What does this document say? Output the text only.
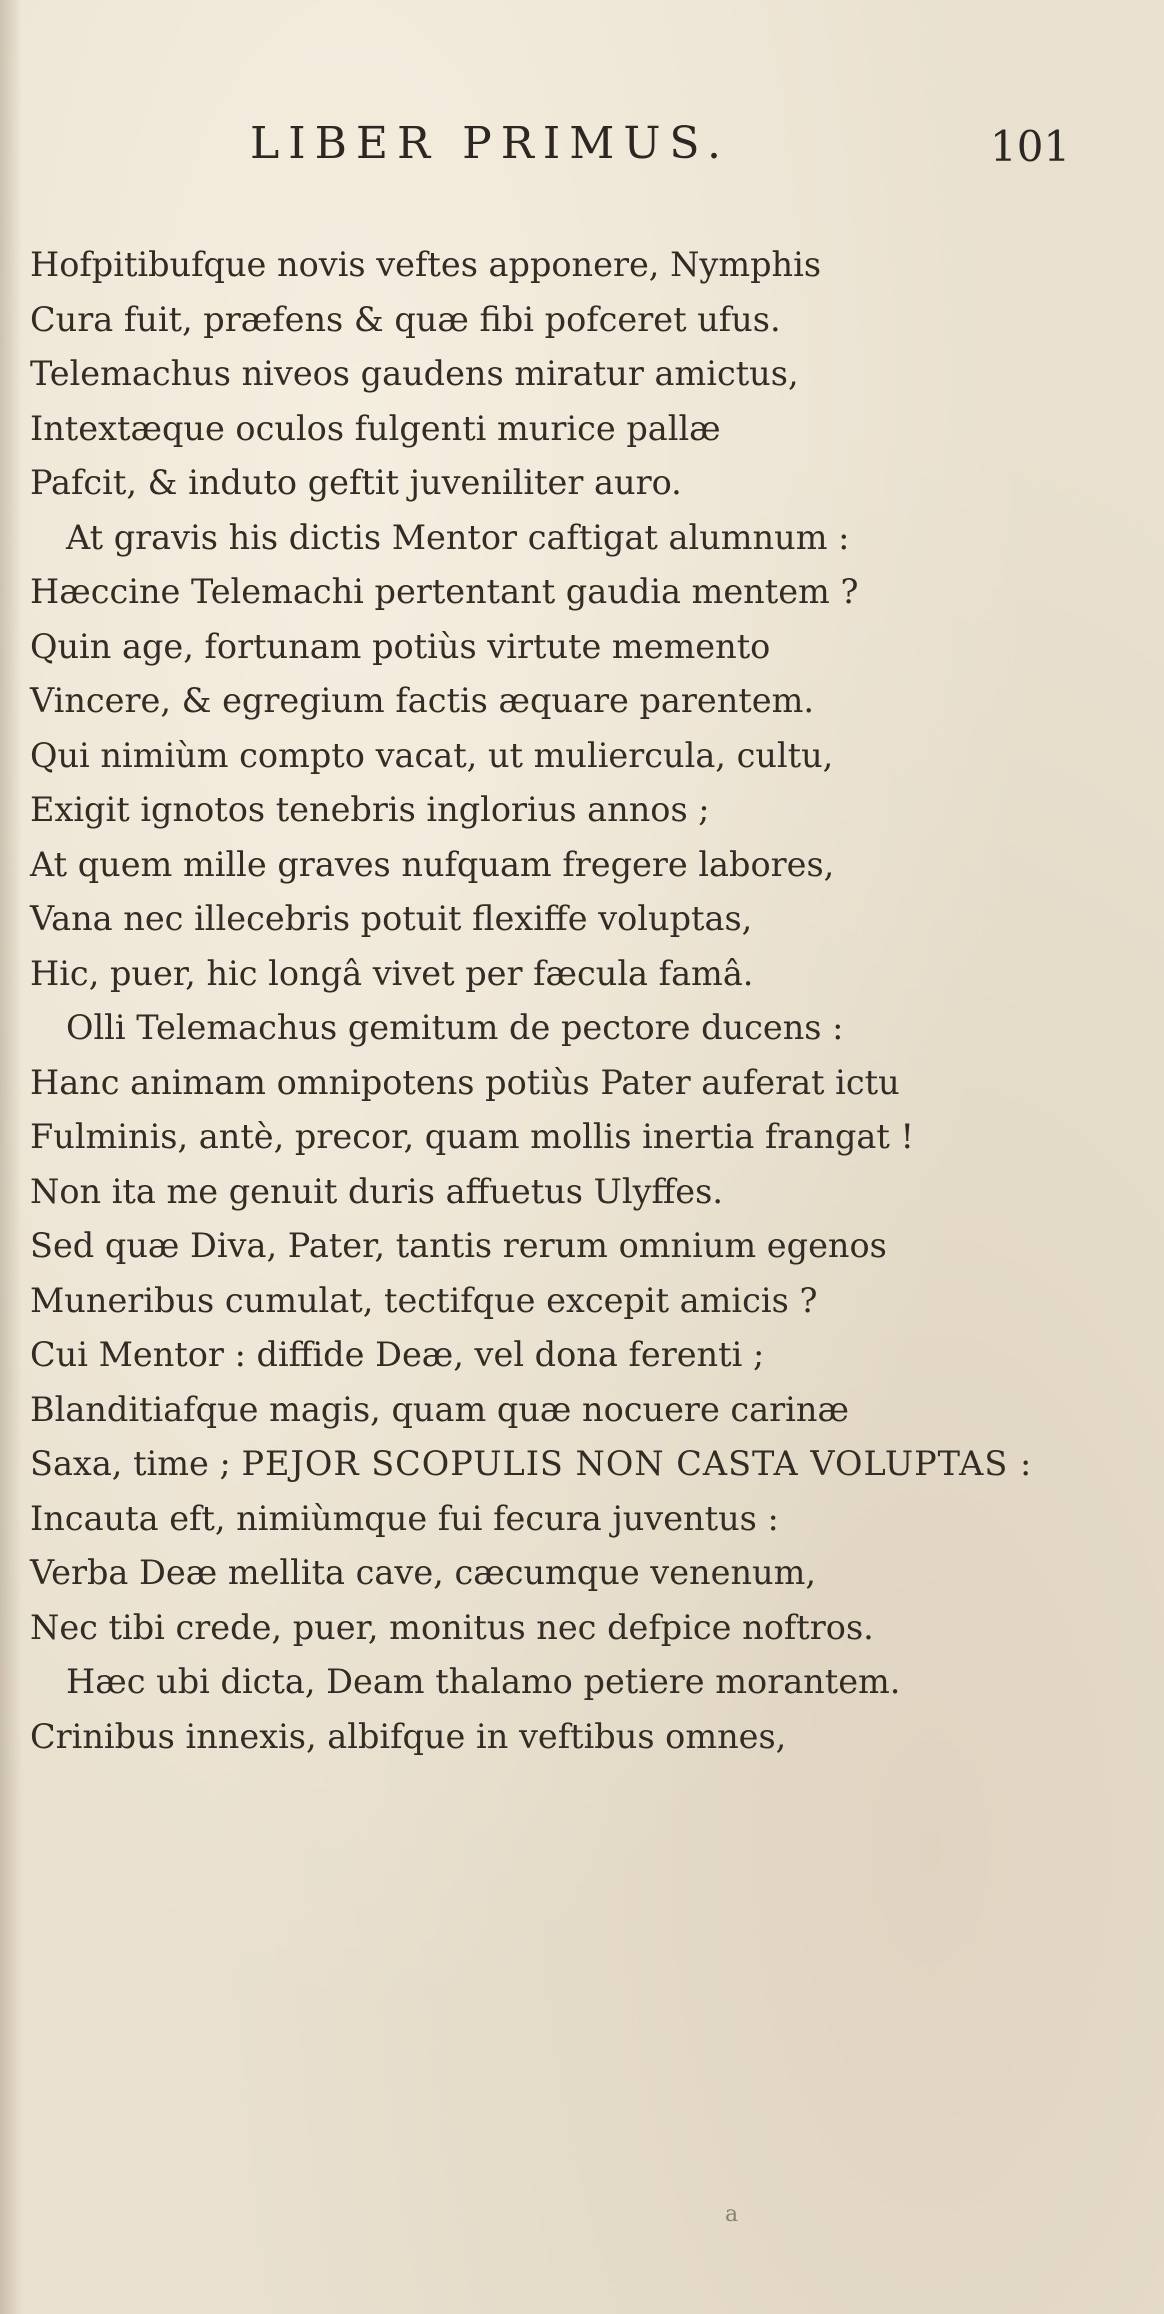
LIBER PRIMUS.	101
Hofpitibufque novis veftes apponere, Nymphis
Cura fuit, præfens & quæ fibi pofceret ufus.
Telemachus niveos gaudens miratur amictus,
Intextæque oculos fulgenti murice pallæ
Pafcit, & induto geftit juveniliter auro.
At gravis his dictis Mentor caftigat alumnum :
Hæccine Telemachi pertentant gaudia mentem ?
Quin age, fortunam potiùs virtute memento
Vincere, & egregium factis æquare parentem.
Qui nimiùm compto vacat, ut muliercula, cultu,
Exigit ignotos tenebris inglorius annos ;
At quem mille graves nufquam fregere labores,
Vana nec illecebris potuit flexiffe voluptas,
Hic, puer, hic longâ vivet per fæcula famâ.
Olli Telemachus gemitum de pectore ducens :
Hanc animam omnipotens potiùs Pater auferat ictu
Fulminis, antè, precor, quam mollis inertia frangat !
Non ita me genuit duris affuetus Ulyffes.
Sed quæ Diva, Pater, tantis rerum omnium egenos
Muneribus cumulat, tectifque excepit amicis ?
Cui Mentor : diffide Deæ, vel dona ferenti ;
Blanditiafque magis, quam quæ nocuere carinæ
Saxa, time ; PEJOR SCOPULIS NON CASTA VOLUPTAS :
Incauta eft, nimiùmque fui fecura juventus :
Verba Deæ mellita cave, cæcumque venenum,
Nec tibi crede, puer, monitus nec defpice noftros.
Hæc ubi dicta, Deam thalamo petiere morantem.
Crinibus innexis, albifque in veftibus omnes,
a
